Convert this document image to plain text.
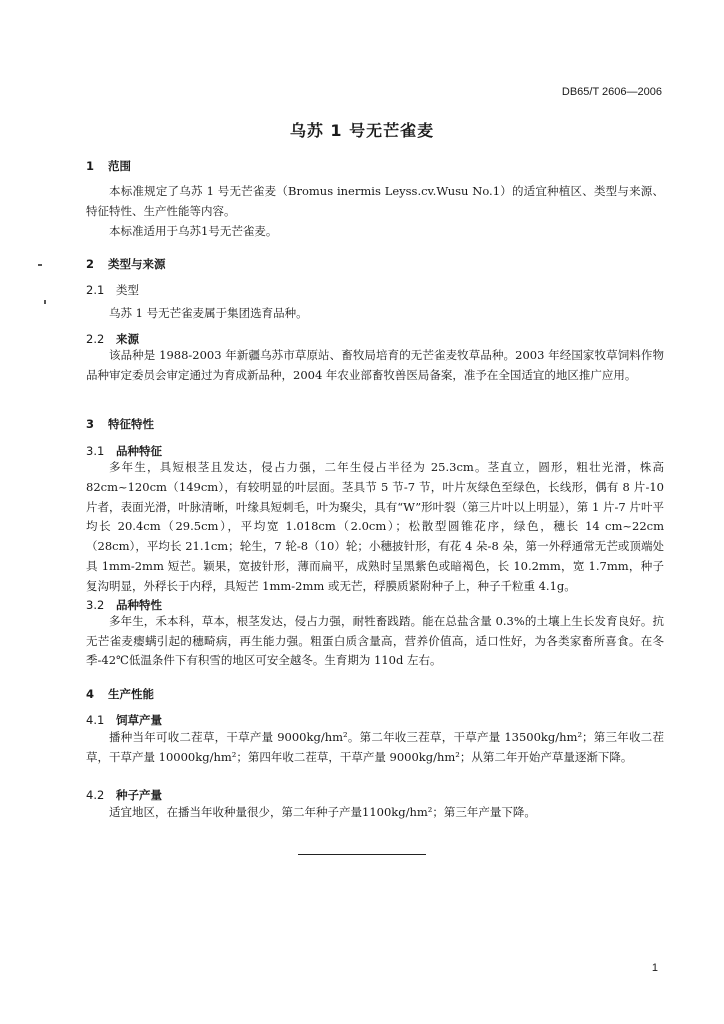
DB65/T 2606—2006
乌苏 1 号无芒雀麦
1 范围
本标准规定了乌苏 1 号无芒雀麦（Bromus inermis Leyss.cv.Wusu No.1）的适宜种植区、类型与来源、特征特性、生产性能等内容。
本标准适用于乌苏1号无芒雀麦。
2 类型与来源
2.1 类型
乌苏 1 号无芒雀麦属于集团选育品种。
2.2 来源
该品种是 1988-2003 年新疆乌苏市草原站、畜牧局培育的无芒雀麦牧草品种。2003 年经国家牧草饲料作物品种审定委员会审定通过为育成新品种，2004 年农业部畜牧兽医局备案，准予在全国适宜的地区推广应用。
3 特征特性
3.1 品种特征
多年生，具短根茎且发达，侵占力强，二年生侵占半径为 25.3cm。茎直立，圆形，粗壮光滑，株高 82cm~120cm（149cm），有较明显的叶层面。茎具节 5 节-7 节，叶片灰绿色至绿色，长线形，偶有 8 片-10 片者，表面光滑，叶脉清晰，叶缘具短刺毛，叶为聚尖，具有“W”形叶裂（第三片叶以上明显），第 1 片-7 片叶平均长 20.4cm（29.5cm），平均宽 1.018cm（2.0cm）；松散型圆锥花序，绿色，穗长 14 cm~22cm（28cm），平均长 21.1cm；轮生，7 轮-8（10）轮；小穗披针形，有花 4 朵-8 朵，第一外稃通常无芒或顶端处具 1mm-2mm 短芒。颖果，宽披针形，薄而扁平，成熟时呈黑紫色或暗褐色，长 10.2mm，宽 1.7mm，种子复沟明显，外稃长于内稃，具短芒 1mm-2mm 或无芒，稃膜质紧附种子上，种子千粒重 4.1g。
3.2 品种特性
多年生，禾本科，草本，根茎发达，侵占力强，耐牲畜践踏。能在总盐含量 0.3%的土壤上生长发育良好。抗无芒雀麦瘿螨引起的穗畸病，再生能力强。粗蛋白质含量高，营养价值高，适口性好，为各类家畜所喜食。在冬季-42℃低温条件下有积雪的地区可安全越冬。生育期为 110d 左右。
4 生产性能
4.1 饲草产量
播种当年可收二茬草，干草产量 9000kg/hm²。第二年收三茬草，干草产量 13500kg/hm²；第三年收二茬草，干草产量 10000kg/hm²；第四年收二茬草，干草产量 9000kg/hm²；从第二年开始产草量逐渐下降。
4.2 种子产量
适宜地区，在播当年收种量很少，第二年种子产量1100kg/hm²；第三年产量下降。
1
